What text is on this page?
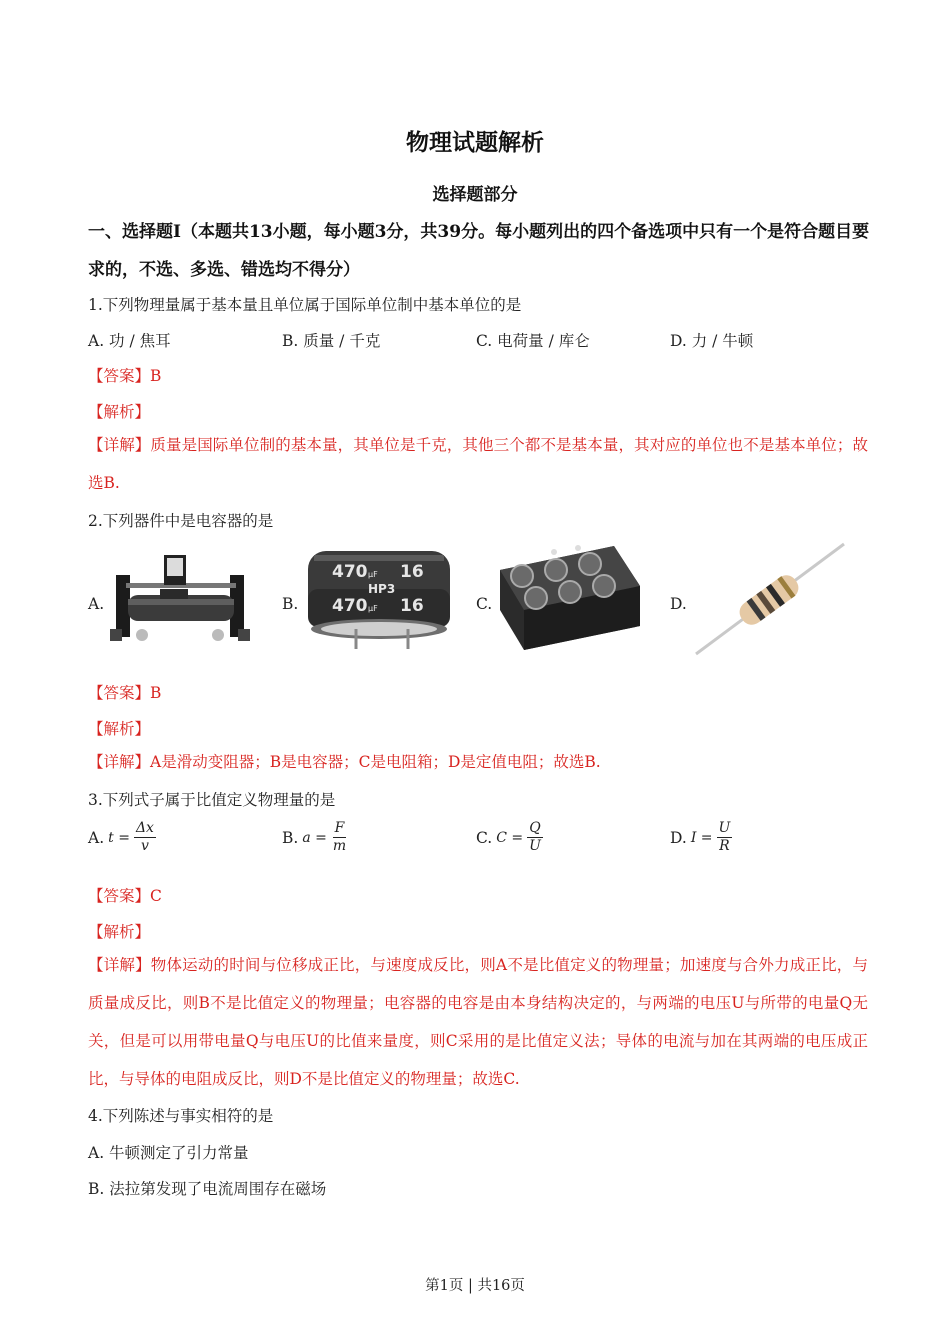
物理试题解析
选择题部分
一、选择题Ⅰ（本题共13小题，每小题3分，共39分。每小题列出的四个备选项中只有一个是符合题目要求的，不选、多选、错选均不得分）
1.下列物理量属于基本量且单位属于国际单位制中基本单位的是
A. 功 / 焦耳	B. 质量 / 千克	C. 电荷量 / 库仑	D. 力 / 牛顿
【答案】B
【解析】
【详解】质量是国际单位制的基本量，其单位是千克，其他三个都不是基本量，其对应的单位也不是基本单位；故选B.
2.下列器件中是电容器的是
A.	B.
470 μF 16
HP3
470 μF 16	C.	D.
【答案】B
【解析】
【详解】A是滑动变阻器；B是电容器；C是电阻箱；D是定值电阻；故选B.
3.下列式子属于比值定义物理量的是
A. $t = \frac{\Delta x}{v}$	B. $a = \frac{F}{m}$	C. $C = \frac{Q}{U}$	D. $I = \frac{U}{R}$
【答案】C
【解析】
【详解】物体运动的时间与位移成正比，与速度成反比，则A不是比值定义的物理量；加速度与合外力成正比，与质量成反比，则B不是比值定义的物理量；电容器的电容是由本身结构决定的，与两端的电压U与所带的电量Q无关，但是可以用带电量Q与电压U的比值来量度，则C采用的是比值定义法；导体的电流与加在其两端的电压成正比，与导体的电阻成反比，则D不是比值定义的物理量；故选C.
4.下列陈述与事实相符的是
A. 牛顿测定了引力常量
B. 法拉第发现了电流周围存在磁场
第1页 | 共16页
